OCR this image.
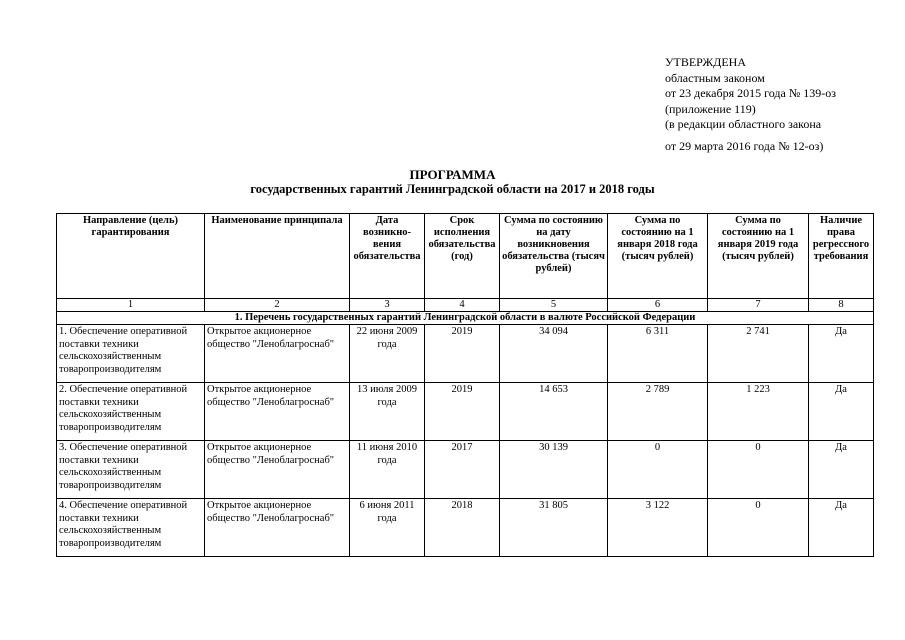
УТВЕРЖДЕНА
областным законом
от 23 декабря 2015 года № 139-оз
(приложение 119)
(в редакции областного закона
от 29 марта 2016 года № 12-оз)
ПРОГРАММА
государственных гарантий Ленинградской области на 2017 и 2018 годы
Направление (цель) гарантирования	Наименование принципала	Дата возникно-вения обязательства	Срок исполнения обязательства (год)	Сумма по состоянию на дату возникновения обязательства (тысяч рублей)	Сумма по состоянию на 1 января 2018 года (тысяч рублей)	Сумма по состоянию на 1 января 2019 года (тысяч рублей)	Наличие права регрессного требования
1	2	3	4	5	6	7	8
1. Перечень государственных гарантий Ленинградской области в валюте Российской Федерации							
1. Обеспечение оперативной поставки техники сельскохозяйственным товаропроизводителям	Открытое акционерное общество "Леноблагроснаб"	22 июня 2009 года	2019	34 094	6 311	2 741	Да
2. Обеспечение оперативной поставки техники сельскохозяйственным товаропроизводителям	Открытое акционерное общество "Леноблагроснаб"	13 июля 2009 года	2019	14 653	2 789	1 223	Да
3. Обеспечение оперативной поставки техники сельскохозяйственным товаропроизводителям	Открытое акционерное общество "Леноблагроснаб"	11 июня 2010 года	2017	30 139	0	0	Да
4. Обеспечение оперативной поставки техники сельскохозяйственным товаропроизводителям	Открытое акционерное общество "Леноблагроснаб"	6 июня 2011 года	2018	31 805	3 122	0	Да
